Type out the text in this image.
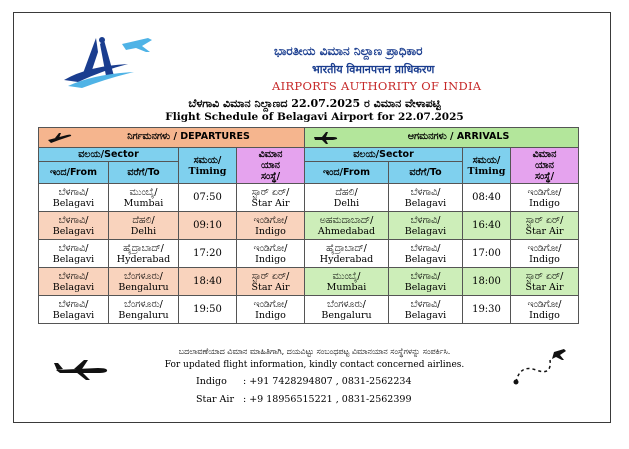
ಭಾರತೀಯ ವಿಮಾನ ನಿಲ್ದಾಣ ಪ್ರಾಧಿಕಾರ
भारतीय विमानपत्तन प्राधिकरण
AIRPORTS AUTHORITY OF INDIA
ಬೆಳಗಾವಿ ವಿಮಾನ ನಿಲ್ದಾಣದ 22.07.2025 ರ ವಿಮಾನ ವೇಳಾಪಟ್ಟಿ
Flight Schedule of Belagavi Airport for 22.07.2025
ನಿರ್ಗಮನಗಳು / DEPARTURES				ಆಗಮನಗಳು / ARRIVALS			
ವಲಯ/Sector		ಸಮಯ/
Timing	ವಿಮಾನ
ಯಾನ
ಸಂಸ್ಥೆ/	ವಲಯ/Sector		ಸಮಯ/
Timing	ವಿಮಾನ
ಯಾನ
ಸಂಸ್ಥೆ/
ಇಂದ/From	ವರೆಗೆ/To			ಇಂದ/From	ವರೆಗೆ/To		
ಬೆಳಗಾವಿ/
Belagavi	ಮುಂಬೈ/
Mumbai	07:50	ಸ್ಟಾರ್ ಏರ್/
Star Air	ದೆಹಲಿ/
Delhi	ಬೆಳಗಾವಿ/
Belagavi	08:40	ಇಂಡಿಗೋ/
Indigo
ಬೆಳಗಾವಿ/
Belagavi	ದೆಹಲಿ/
Delhi	09:10	ಇಂಡಿಗೋ/
Indigo	ಅಹಮದಾಬಾದ್/
Ahmedabad	ಬೆಳಗಾವಿ/
Belagavi	16:40	ಸ್ಟಾರ್ ಏರ್/
Star Air
ಬೆಳಗಾವಿ/
Belagavi	ಹೈದ್ರಾಬಾದ್/
Hyderabad	17:20	ಇಂಡಿಗೋ/
Indigo	ಹೈದ್ರಾಬಾದ್/
Hyderabad	ಬೆಳಗಾವಿ/
Belagavi	17:00	ಇಂಡಿಗೋ/
Indigo
ಬೆಳಗಾವಿ/
Belagavi	ಬೆಂಗಳೂರು/
Bengaluru	18:40	ಸ್ಟಾರ್ ಏರ್/
Star Air	ಮುಂಬೈ/
Mumbai	ಬೆಳಗಾವಿ/
Belagavi	18:00	ಸ್ಟಾರ್ ಏರ್/
Star Air
ಬೆಳಗಾವಿ/
Belagavi	ಬೆಂಗಳೂರು/
Bengaluru	19:50	ಇಂಡಿಗೋ/
Indigo	ಬೆಂಗಳೂರು/
Bengaluru	ಬೆಳಗಾವಿ/
Belagavi	19:30	ಇಂಡಿಗೋ/
Indigo
ಬದಲಾವಣೆಯಾದ ವಿಮಾನ ಮಾಹಿತಿಗಾಗಿ, ದಯವಿಟ್ಟು ಸಂಬಂಧಪಟ್ಟ ವಿಮಾನಯಾನ ಸಂಸ್ಥೆಗಳನ್ನು ಸಂಪರ್ಕಿಸಿ.
For updated flight information, kindly contact concerned airlines.
Indigo : +91 7428294807 , 0831-2562234
Star Air : +9 18956515221 , 0831-2562399
